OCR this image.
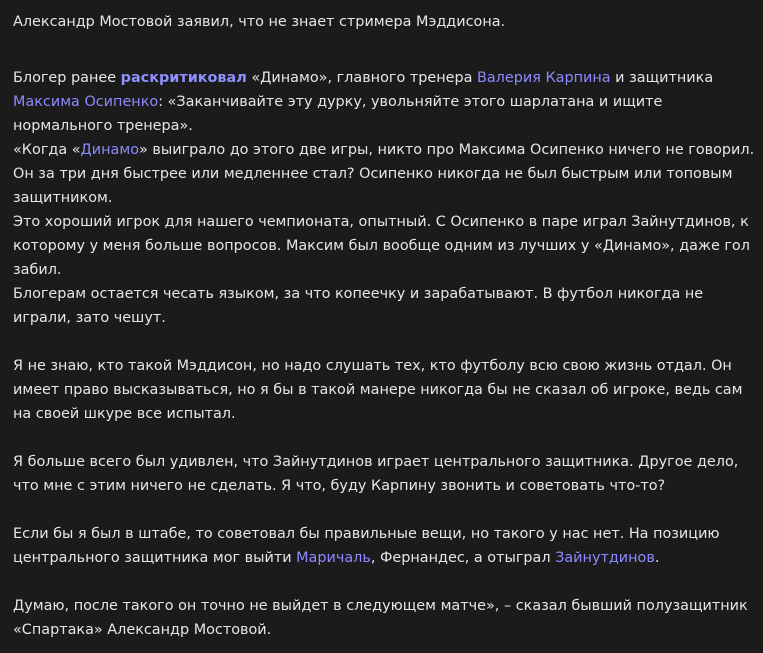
Александр Мостовой заявил, что не знает стримера Мэддисона.

Блогер ранее раскритиковал «Динамо», главного тренера Валерия Карпина и защитника Максима Осипенко: «Заканчивайте эту дурку, увольняйте этого шарлатана и ищите нормального тренера».

«Когда «Динамо» выиграло до этого две игры, никто про Максима Осипенко ничего не говорил. Он за три дня быстрее или медленнее стал? Осипенко никогда не был быстрым или топовым защитником.

Это хороший игрок для нашего чемпионата, опытный. С Осипенко в паре играл Зайнутдинов, к которому у меня больше вопросов. Максим был вообще одним из лучших у «Динамо», даже гол забил.

Блогерам остается чесать языком, за что копеечку и зарабатывают. В футбол никогда не играли, зато чешут.

Я не знаю, кто такой Мэддисон, но надо слушать тех, кто футболу всю свою жизнь отдал. Он имеет право высказываться, но я бы в такой манере никогда бы не сказал об игроке, ведь сам на своей шкуре все испытал.

Я больше всего был удивлен, что Зайнутдинов играет центрального защитника. Другое дело, что мне с этим ничего не сделать. Я что, буду Карпину звонить и советовать что-то?

Если бы я был в штабе, то советовал бы правильные вещи, но такого у нас нет. На позицию центрального защитника мог выйти Мaричаль, Фернандес, а отыграл Зайнутдинов.

Думаю, после такого он точно не выйдет в следующем матче», – сказал бывший полузащитник «Спартака» Александр Мостовой.
